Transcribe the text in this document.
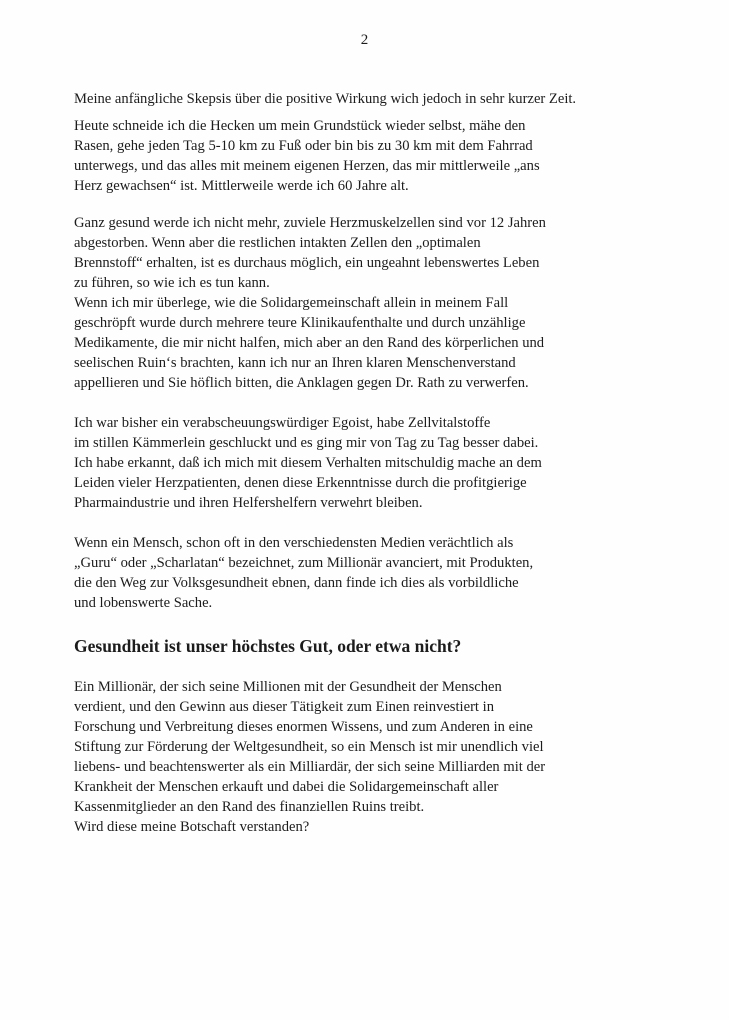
2

Meine anfängliche Skepsis über die positive Wirkung wich jedoch in sehr kurzer Zeit.

Heute schneide ich die Hecken um mein Grundstück wieder selbst, mähe den
Rasen, gehe jeden Tag 5-10 km zu Fuß oder bin bis zu 30 km mit dem Fahrrad
unterwegs, und das alles mit meinem eigenen Herzen, das mir mittlerweile „ans
Herz gewachsen“ ist. Mittlerweile werde ich 60 Jahre alt.

Ganz gesund werde ich nicht mehr, zuviele Herzmuskelzellen sind vor 12 Jahren
abgestorben. Wenn aber die restlichen intakten Zellen den „optimalen
Brennstoff“ erhalten, ist es durchaus möglich, ein ungeahnt lebenswertes Leben
zu führen, so wie ich es tun kann.

Wenn ich mir überlege, wie die Solidargemeinschaft allein in meinem Fall
geschröpft wurde durch mehrere teure Klinikaufenthalte und durch unzählige
Medikamente, die mir nicht halfen, mich aber an den Rand des körperlichen und
seelischen Ruin‘s brachten, kann ich nur an Ihren klaren Menschenverstand
appellieren und Sie höflich bitten, die Anklagen gegen Dr. Rath zu verwerfen.

Ich war bisher ein verabscheuungswürdiger Egoist, habe Zellvitalstoffe
im stillen Kämmerlein geschluckt und es ging mir von Tag zu Tag besser dabei.
Ich habe erkannt, daß ich mich mit diesem Verhalten mitschuldig mache an dem
Leiden vieler Herzpatienten, denen diese Erkenntnisse durch die profitgierige
Pharmaindustrie und ihren Helfershelfern verwehrt bleiben.

Wenn ein Mensch, schon oft in den verschiedensten Medien verächtlich als
„Guru“ oder „Scharlatan“ bezeichnet, zum Millionär avanciert, mit Produkten,
die den Weg zur Volksgesundheit ebnen, dann finde ich dies als vorbildliche
und lobenswerte Sache.

Gesundheit ist unser höchstes Gut, oder etwa nicht?

Ein Millionär, der sich seine Millionen mit der Gesundheit der Menschen
verdient, und den Gewinn aus dieser Tätigkeit zum Einen reinvestiert in
Forschung und Verbreitung dieses enormen Wissens, und zum Anderen in eine
Stiftung zur Förderung der Weltgesundheit, so ein Mensch ist mir unendlich viel
liebens- und beachtenswerter als ein Milliardär, der sich seine Milliarden mit der
Krankheit der Menschen erkauft und dabei die Solidargemeinschaft aller
Kassenmitglieder an den Rand des finanziellen Ruins treibt.
Wird diese meine Botschaft verstanden?
